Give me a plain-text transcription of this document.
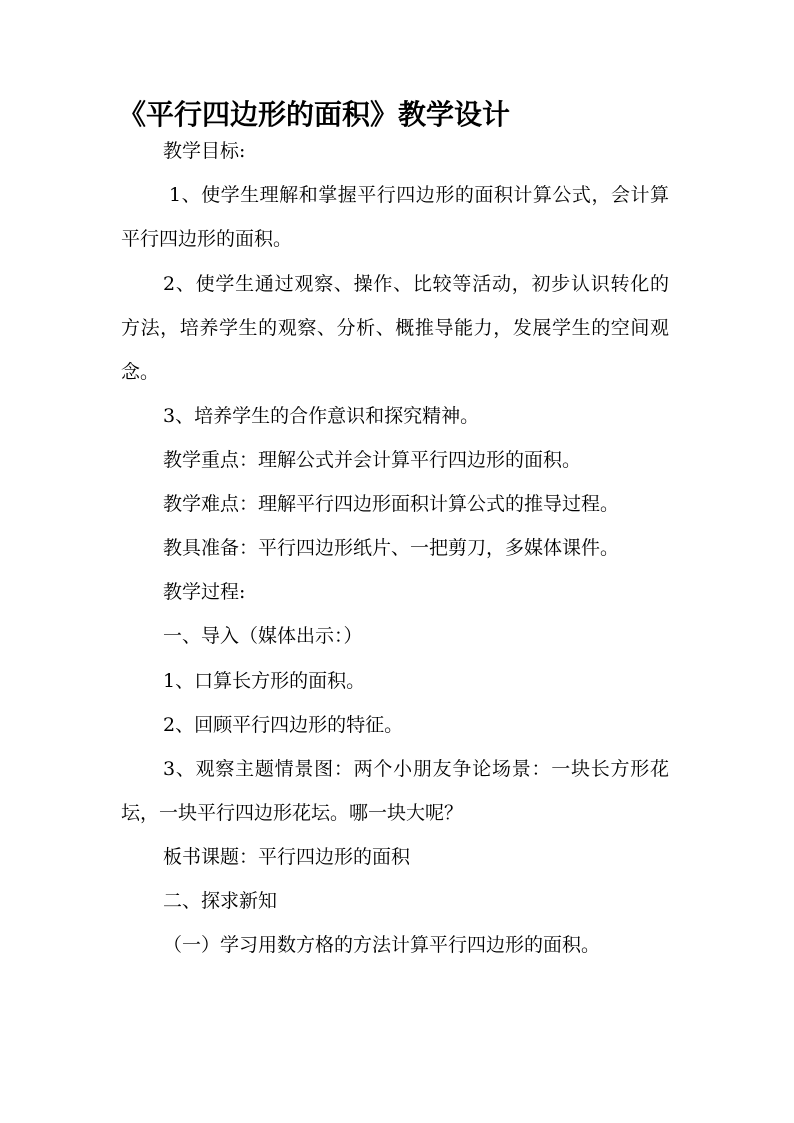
《平行四边形的面积》教学设计
教学目标:
1、使学生理解和掌握平行四边形的面积计算公式，会计算平行四边形的面积。
2、使学生通过观察、操作、比较等活动，初步认识转化的方法，培养学生的观察、分析、概推导能力，发展学生的空间观念。
3、培养学生的合作意识和探究精神。
教学重点：理解公式并会计算平行四边形的面积。
教学难点：理解平行四边形面积计算公式的推导过程。
教具准备：平行四边形纸片、一把剪刀，多媒体课件。
教学过程:
一、导入（媒体出示：）
1、口算长方形的面积。
2、回顾平行四边形的特征。
3、观察主题情景图：两个小朋友争论场景：一块长方形花坛，一块平行四边形花坛。哪一块大呢？
板书课题：平行四边形的面积
二、探求新知
（一）学习用数方格的方法计算平行四边形的面积。
